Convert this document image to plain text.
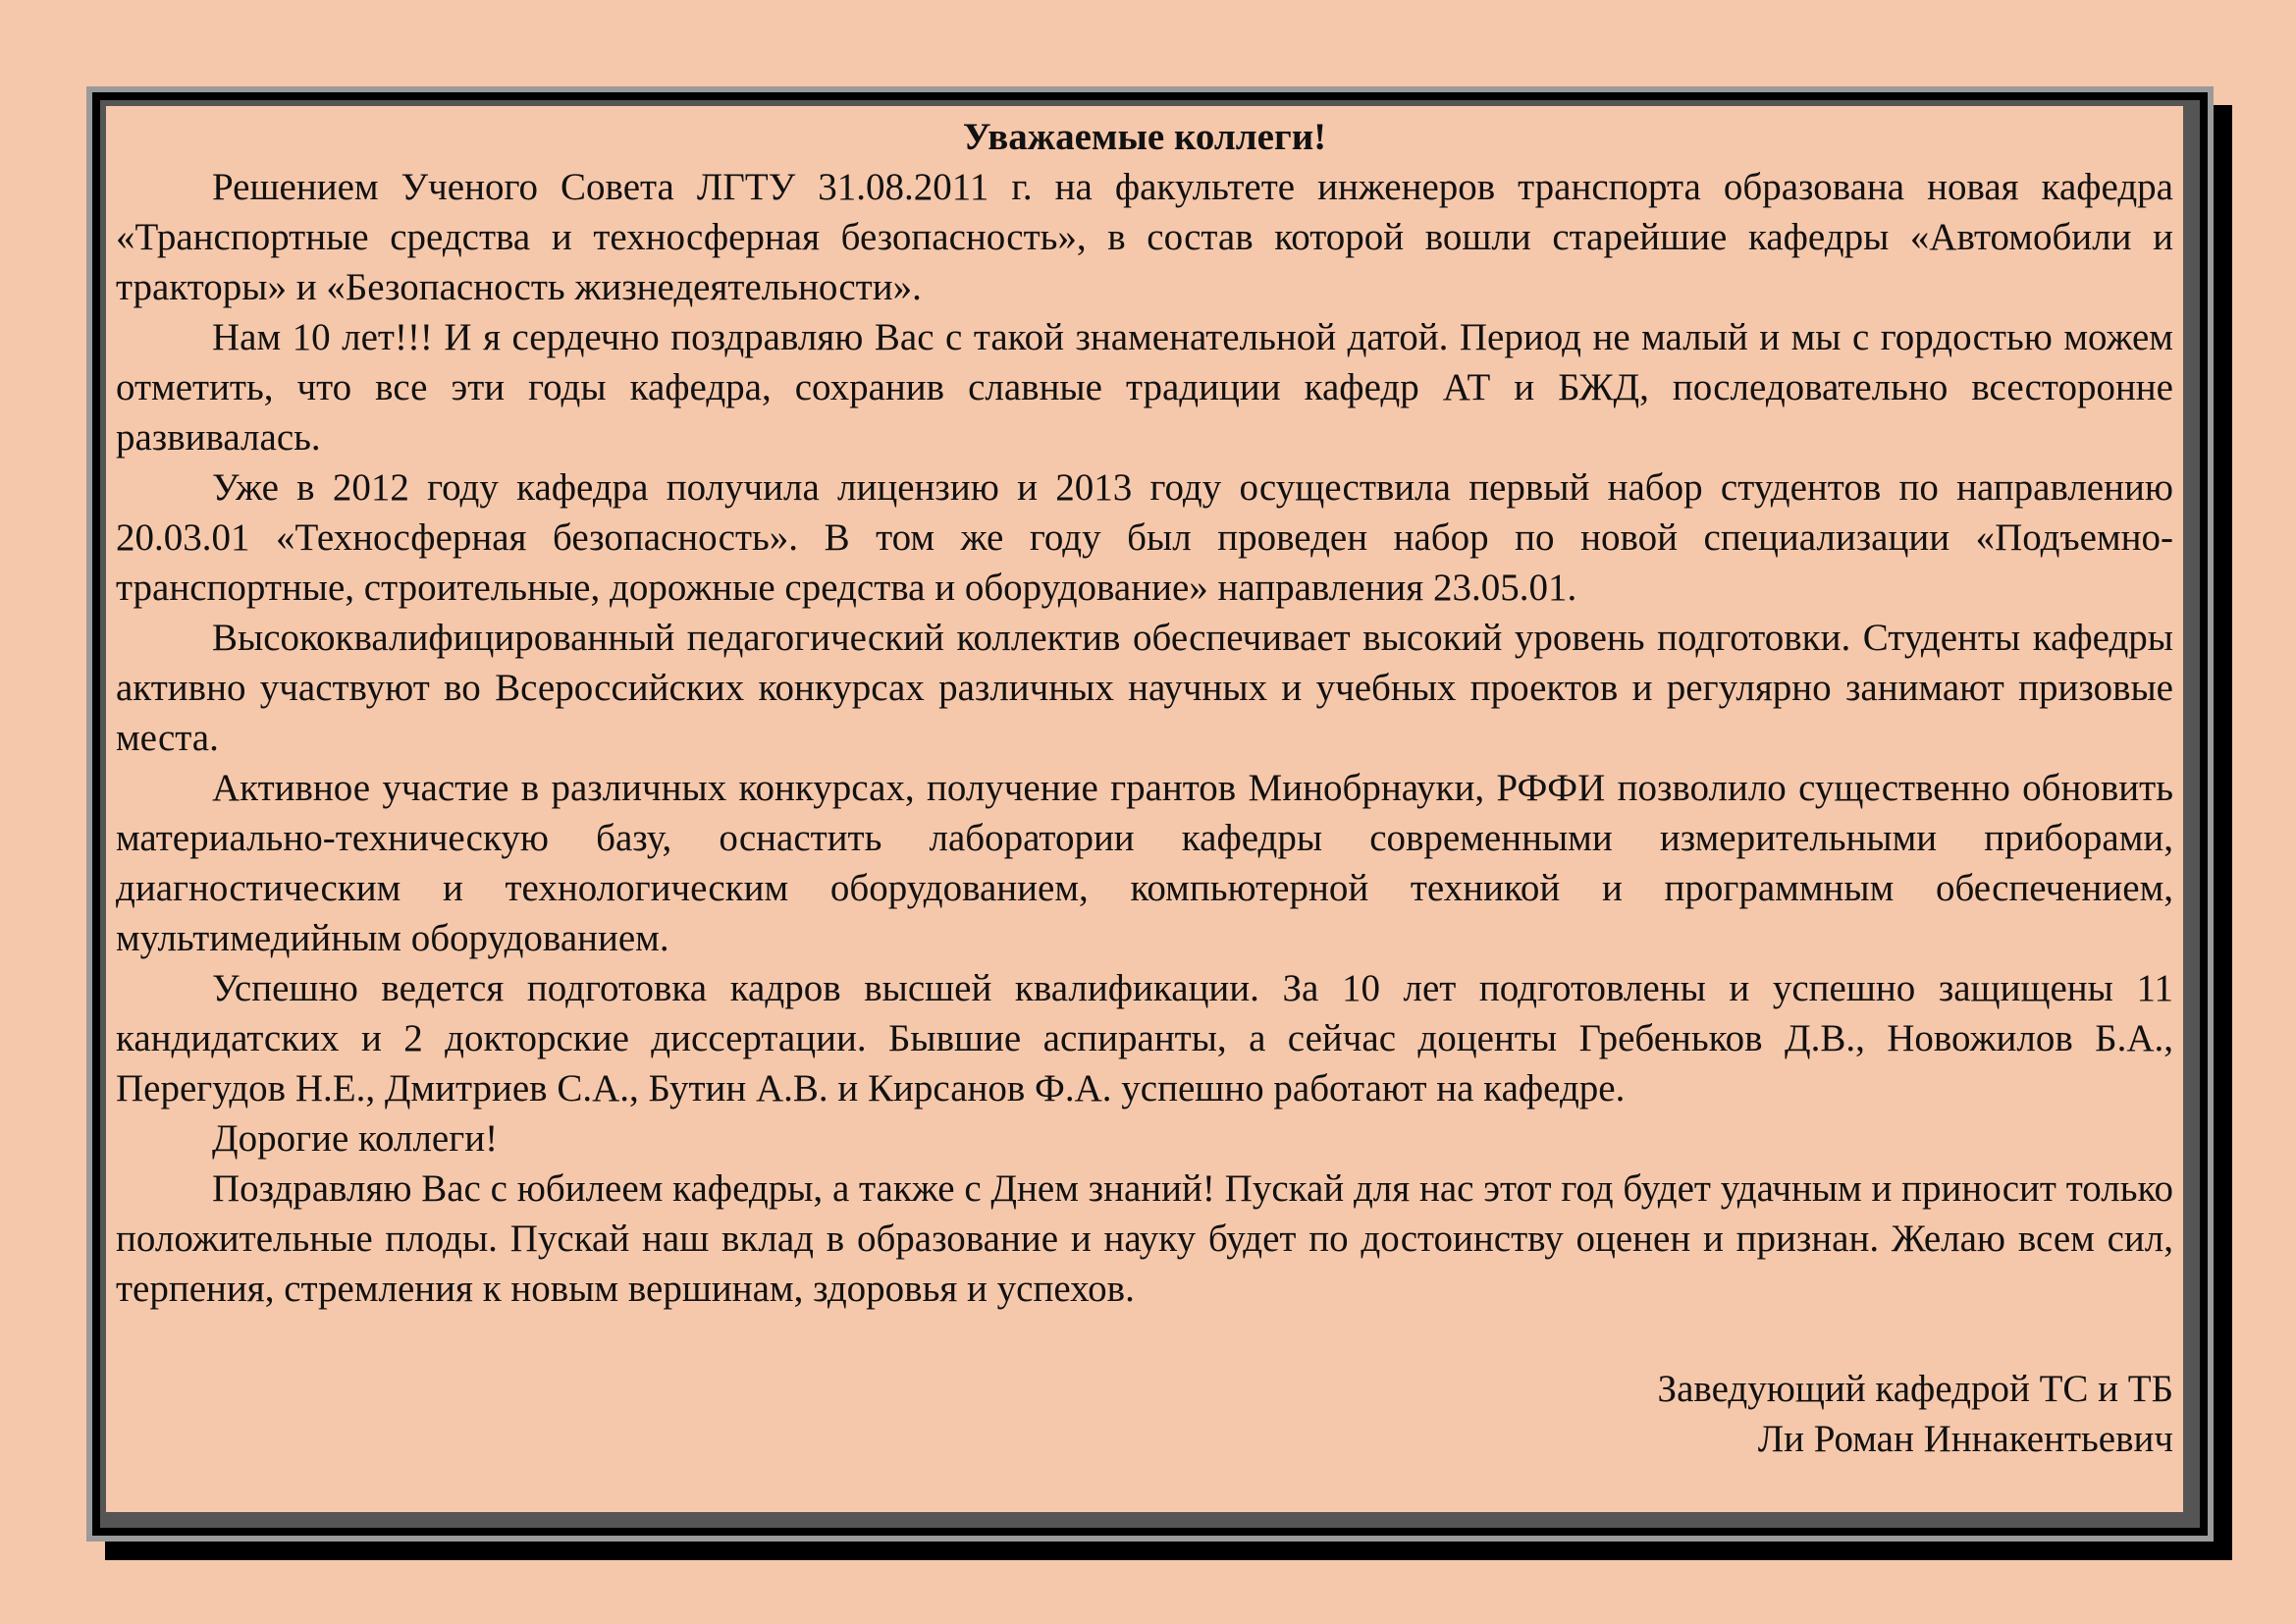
Уважаемые коллеги!

Решением Ученого Совета ЛГТУ 31.08.2011 г. на факультете инженеров транспорта образована новая кафедра «Транспортные средства и техносферная безопасность», в состав которой вошли старейшие кафедры «Автомобили и тракторы» и «Безопасность жизнедеятельности».

Нам 10 лет!!! И я сердечно поздравляю Вас с такой знаменательной датой. Период не малый и мы с гордостью можем отметить, что все эти годы кафедра, сохранив славные традиции кафедр АТ и БЖД, последовательно всесторонне развивалась.

Уже в 2012 году кафедра получила лицензию и 2013 году осуществила первый набор студентов по направлению 20.03.01 «Техносферная безопасность». В том же году был проведен набор по новой специализации «Подъемно-транспортные, строительные, дорожные средства и оборудование» направления 23.05.01.

Высококвалифицированный педагогический коллектив обеспечивает высокий уровень подготовки. Студенты кафедры активно участвуют во Всероссийских конкурсах различных научных и учебных проектов и регулярно занимают призовые места.

Активное участие в различных конкурсах, получение грантов Минобрнауки, РФФИ позволило существенно обновить материально-техническую базу, оснастить лаборатории кафедры современными измерительными приборами, диагностическим и технологическим оборудованием, компьютерной техникой и программным обеспечением, мультимедийным оборудованием.

Успешно ведется подготовка кадров высшей квалификации. За 10 лет подготовлены и успешно защищены 11 кандидатских и 2 докторские диссертации. Бывшие аспиранты, а сейчас доценты Гребеньков Д.В., Новожилов Б.А., Перегудов Н.Е., Дмитриев С.А., Бутин А.В. и Кирсанов Ф.А. успешно работают на кафедре.

Дорогие коллеги!

Поздравляю Вас с юбилеем кафедры, а также с Днем знаний! Пускай для нас этот год будет удачным и приносит только положительные плоды. Пускай наш вклад в образование и науку будет по достоинству оценен и признан. Желаю всем сил, терпения, стремления к новым вершинам, здоровья и успехов.

Заведующий кафедрой ТС и ТБ

Ли Роман Иннакентьевич
